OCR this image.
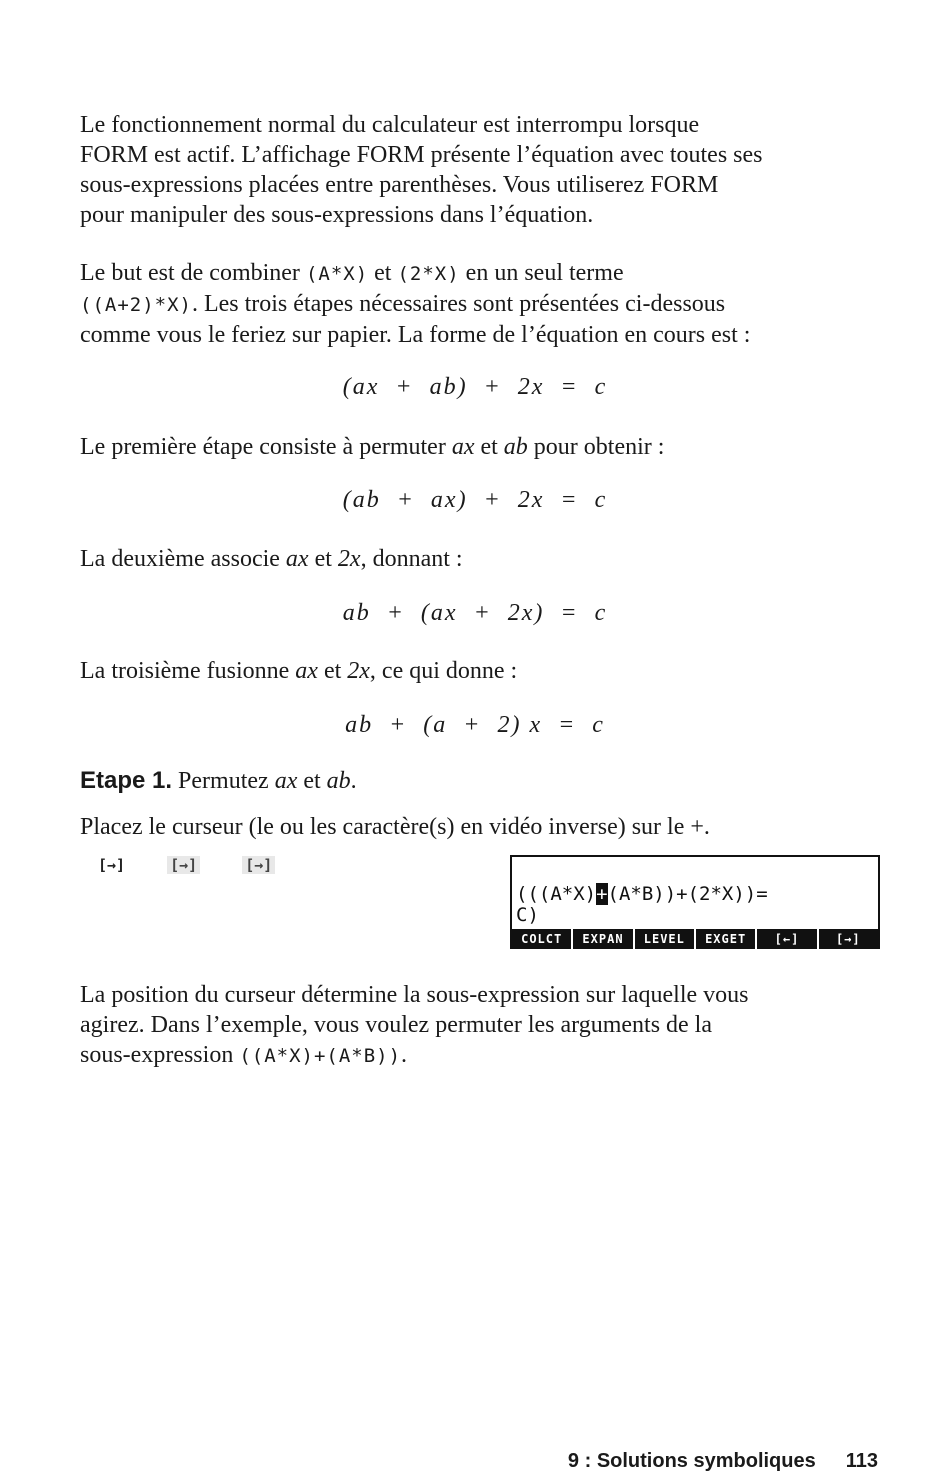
Le fonctionnement normal du calculateur est interrompu lorsque
FORM est actif. L’affichage FORM présente l’équation avec toutes ses
sous-expressions placées entre parenthèses. Vous utiliserez FORM
pour manipuler des sous-expressions dans l’équation.
Le but est de combiner (A*X) et (2*X) en un seul terme
((A+2)*X). Les trois étapes nécessaires sont présentées ci-dessous
comme vous le feriez sur papier. La forme de l’équation en cours est :
(ax  +  ab)  +  2x  =  c
Le première étape consiste à permuter ax et ab pour obtenir :
(ab  +  ax)  +  2x  =  c
La deuxième associe ax et 2x, donnant :
ab  +  (ax  +  2x)  =  c
La troisième fusionne ax et 2x, ce qui donne :
ab  +  (a  +  2) x  =  c
Etape 1. Permutez ax et ab.
Placez le curseur (le ou les caractère(s) en vidéo inverse) sur le +.
[→]	[→]	[→]
(((A*X)+(A*B))+(2*X))=
C)
COLCT	EXPAN	LEVEL	EXGET	[←]	[→]
La position du curseur détermine la sous-expression sur laquelle vous
agirez. Dans l’exemple, vous voulez permuter les arguments de la
sous-expression ((A*X)+(A*B)).
9 : Solutions symboliques 113
